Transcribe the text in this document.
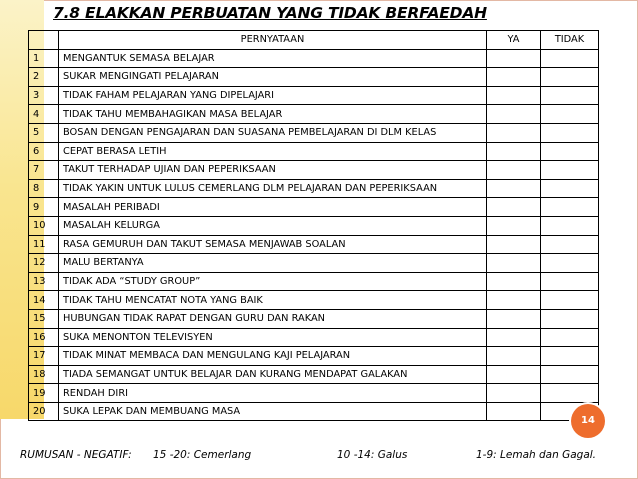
7.8 ELAKKAN PERBUATAN YANG TIDAK BERFAEDAH
	PERNYATAAN	YA	TIDAK
1	MENGANTUK SEMASA BELAJAR		
2	SUKAR MENGINGATI PELAJARAN		
3	TIDAK FAHAM PELAJARAN YANG DIPELAJARI		
4	TIDAK TAHU MEMBAHAGIKAN MASA BELAJAR		
5	BOSAN DENGAN PENGAJARAN DAN SUASANA PEMBELAJARAN DI DLM KELAS		
6	CEPAT BERASA LETIH		
7	TAKUT TERHADAP UJIAN DAN PEPERIKSAAN		
8	TIDAK YAKIN UNTUK LULUS CEMERLANG DLM PELAJARAN DAN PEPERIKSAAN		
9	MASALAH PERIBADI		
10	MASALAH KELURGA		
11	RASA GEMURUH DAN TAKUT SEMASA MENJAWAB SOALAN		
12	MALU BERTANYA		
13	TIDAK ADA “STUDY GROUP”		
14	TIDAK TAHU MENCATAT NOTA YANG BAIK		
15	HUBUNGAN TIDAK RAPAT DENGAN GURU DAN RAKAN		
16	SUKA MENONTON TELEVISYEN		
17	TIDAK MINAT MEMBACA DAN MENGULANG KAJI PELAJARAN		
18	TIADA SEMANGAT UNTUK BELAJAR DAN KURANG MENDAPAT GALAKAN		
19	RENDAH DIRI		
20	SUKA LEPAK DAN MEMBUANG MASA		
14
RUMUSAN - NEGATIF: 15 -20: Cemerlang	10 -14: Galus	1-9: Lemah dan Gagal.
